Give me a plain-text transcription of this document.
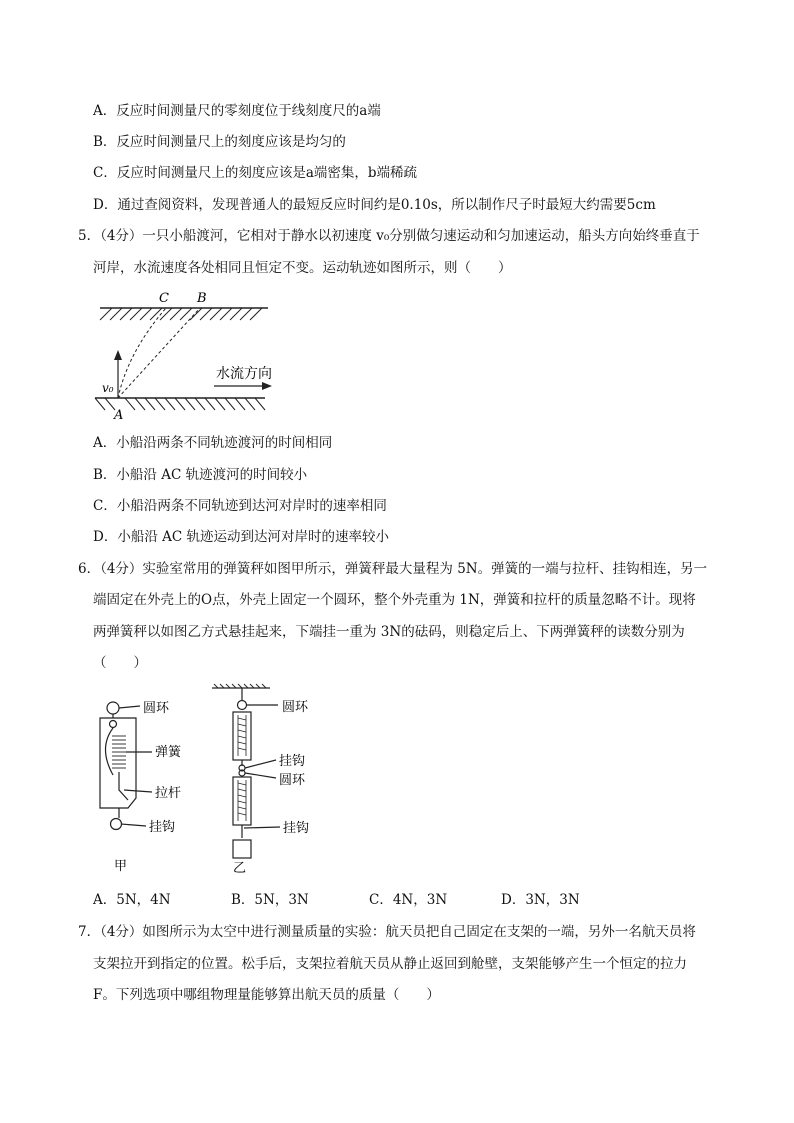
A．反应时间测量尺的零刻度位于线刻度尺的a端
B．反应时间测量尺上的刻度应该是均匀的
C．反应时间测量尺上的刻度应该是a端密集，b端稀疏
D．通过查阅资料，发现普通人的最短反应时间约是0.10s，所以制作尺子时最短大约需要5cm
5．（4分）一只小船渡河，它相对于静水以初速度 v₀分别做匀速运动和匀加速运动，船头方向始终垂直于
河岸，水流速度各处相同且恒定不变。运动轨迹如图所示，则（　　）
C B
A
v₀
水流方向
A．小船沿两条不同轨迹渡河的时间相同
B．小船沿 AC 轨迹渡河的时间较小
C．小船沿两条不同轨迹到达河对岸时的速率相同
D．小船沿 AC 轨迹运动到达河对岸时的速率较小
6．（4分）实验室常用的弹簧秤如图甲所示，弹簧秤最大量程为 5N。弹簧的一端与拉杆、挂钩相连，另一
端固定在外壳上的O点，外壳上固定一个圆环，整个外壳重为 1N，弹簧和拉杆的质量忽略不计。现将
两弹簧秤以如图乙方式悬挂起来，下端挂一重为 3N的砝码，则稳定后上、下两弹簧秤的读数分别为
（　　）
圆环
弹簧
拉杆
挂钩
甲
圆环
挂钩
圆环
挂钩
乙
A．5N，4N	B．5N，3N	C．4N，3N	D．3N，3N
7．（4分）如图所示为太空中进行测量质量的实验：航天员把自己固定在支架的一端，另外一名航天员将
支架拉开到指定的位置。松手后，支架拉着航天员从静止返回到舱壁，支架能够产生一个恒定的拉力
F。下列选项中哪组物理量能够算出航天员的质量（　　）
